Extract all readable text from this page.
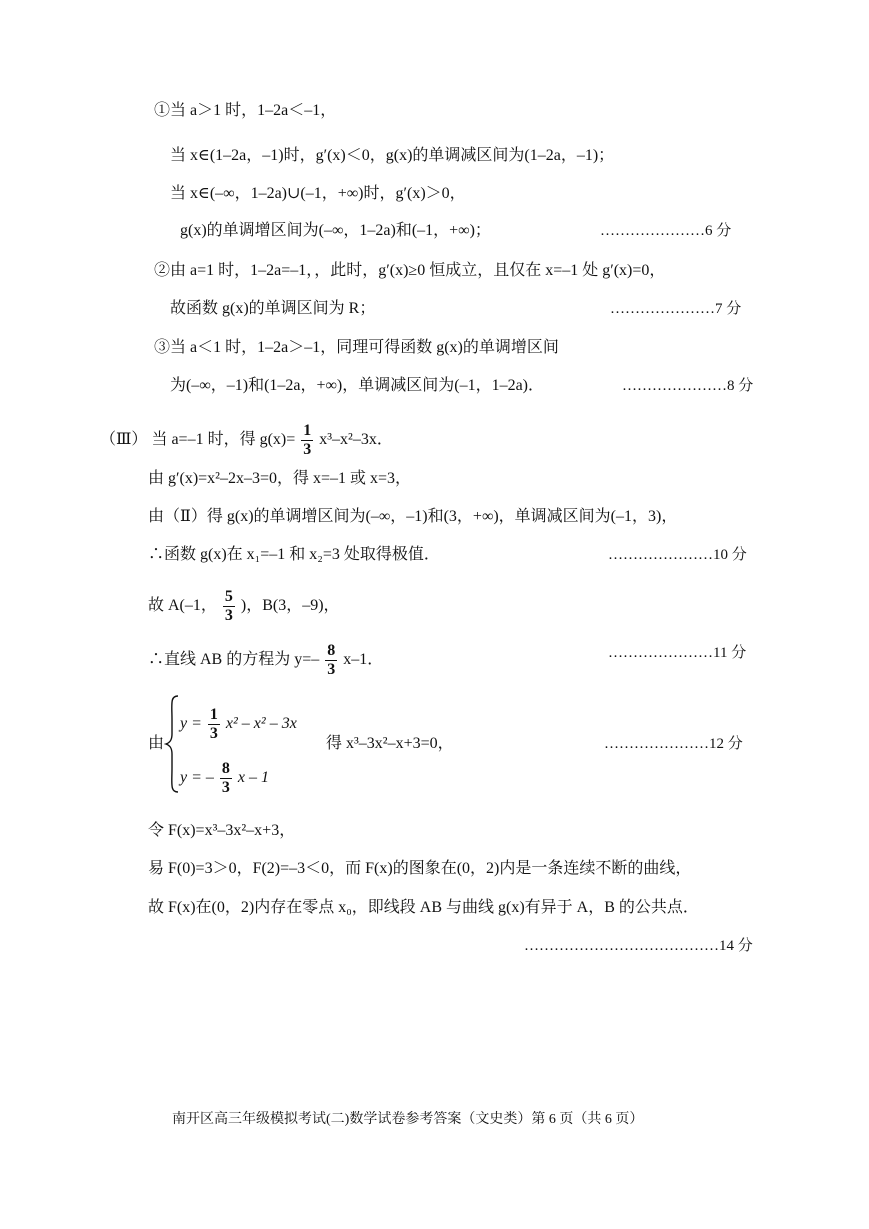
①当 a＞1 时，1–2a＜–1，
当 x∈(1–2a，–1)时，g′(x)＜0，g(x)的单调减区间为(1–2a，–1)；
当 x∈(–∞，1–2a)∪(–1，+∞)时，g′(x)＞0，
g(x)的单调增区间为(–∞，1–2a)和(–1，+∞)；	…………………6 分
②由 a=1 时，1–2a=–1，，此时，g′(x)≥0 恒成立，且仅在 x=–1 处 g′(x)=0，
故函数 g(x)的单调区间为 R；	…………………7 分
③当 a＜1 时，1–2a＞–1，同理可得函数 g(x)的单调增区间
为(–∞，–1)和(1–2a，+∞)，单调减区间为(–1，1–2a)．	…………………8 分
（Ⅲ） 当 a=–1 时，得 $g(x)= \frac{1}{3} x^3-x^2-3x$．
由 g′(x)=x²–2x–3=0，得 x=–1 或 x=3，
由（Ⅱ）得 g(x)的单调增区间为(–∞，–1)和(3，+∞)，单调减区间为(–1，3)，
∴函数 g(x)在 x₁=–1 和 x₂=3 处取得极值．	…………………10 分
故 A(–1， $\frac{5}{3}$ )，B(3，–9)，
∴直线 AB 的方程为 $y=- \frac{8}{3} x-1$．	…………………11 分
由
$y = \frac{1}{3} x^2 - x^2 - 3x$
y = – $\frac{8}{3}$ x – 1
得 x³–3x²–x+3=0，	…………………12 分
令 F(x)=x³–3x²–x+3，
易 F(0)=3＞0，F(2)=–3＜0，而 F(x)的图象在(0，2)内是一条连续不断的曲线，
故 F(x)在(0，2)内存在零点 x₀，即线段 AB 与曲线 g(x)有异于 A，B 的公共点．
…………………………………14 分
南开区高三年级模拟考试(二)数学试卷参考答案（文史类）第 6 页（共 6 页）
